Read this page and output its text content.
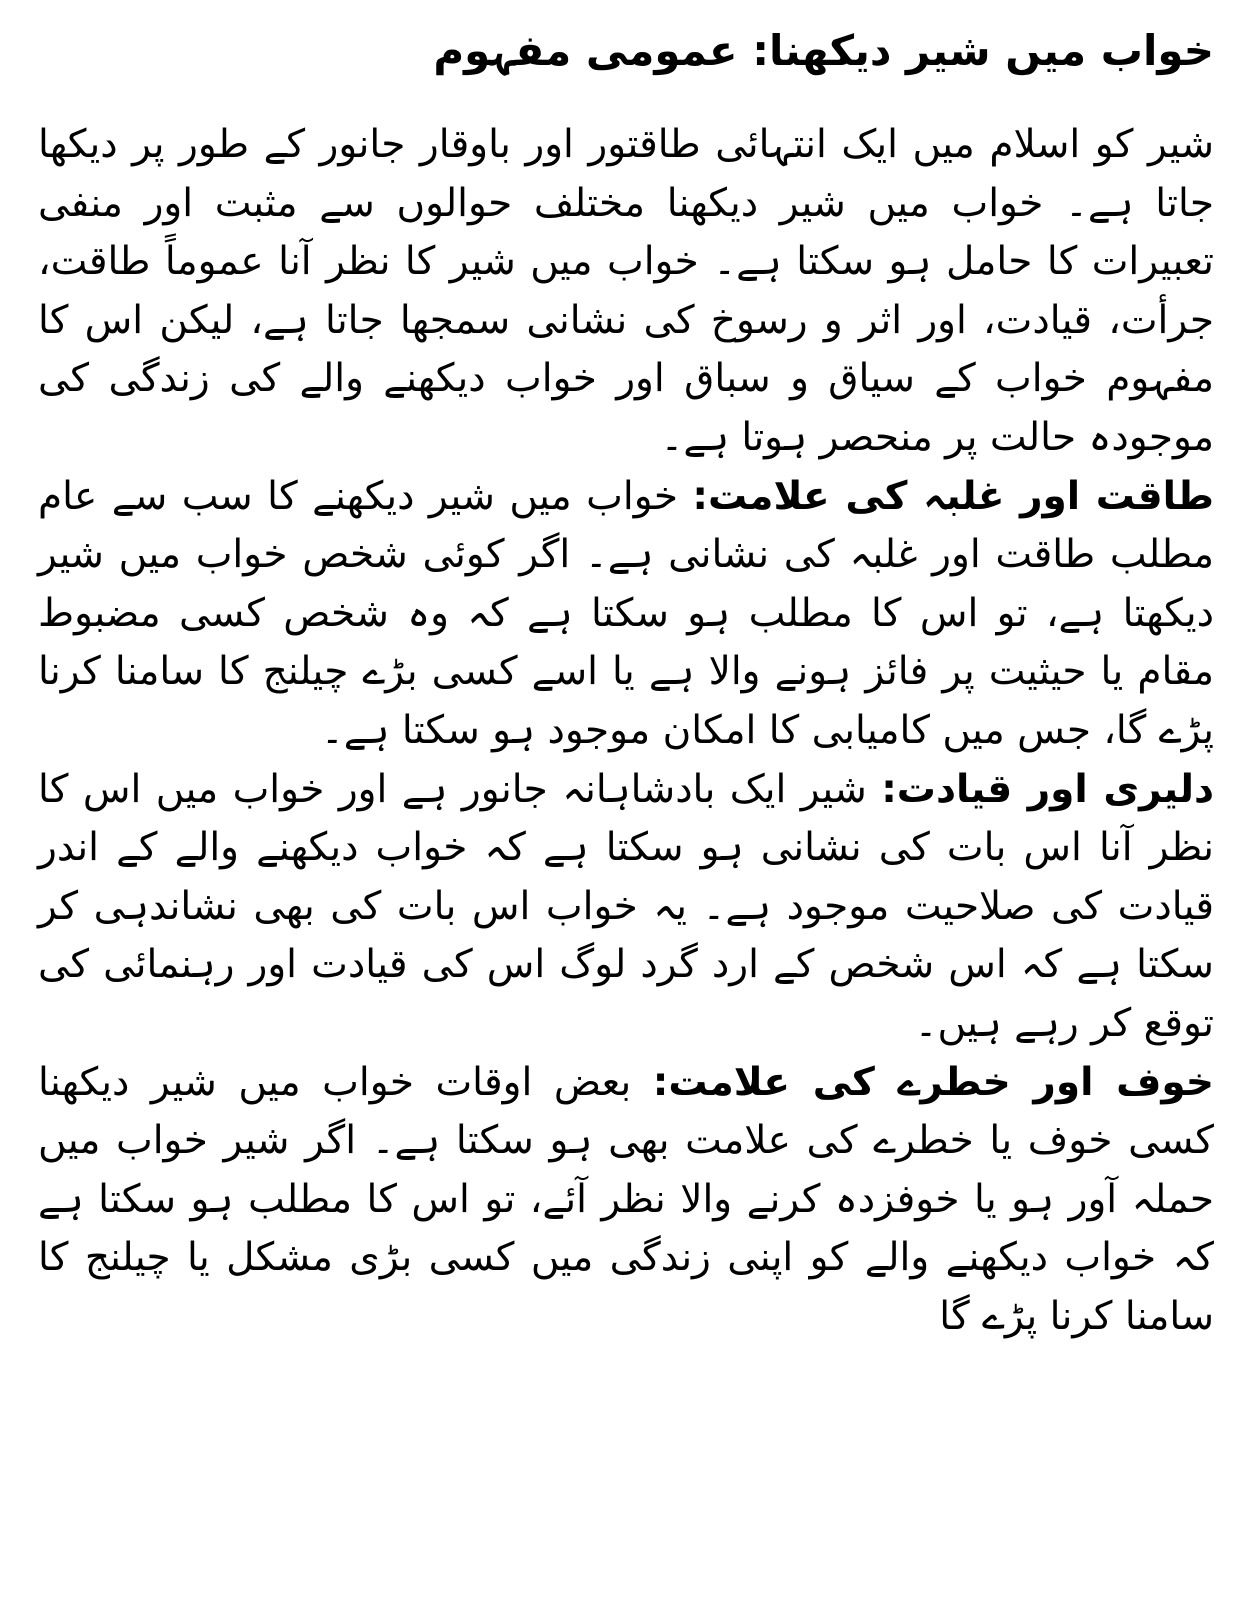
خواب میں شیر دیکھنا: عمومی مفہوم

شیر کو اسلام میں ایک انتہائی طاقتور اور باوقار جانور کے طور پر دیکھا جاتا ہے۔ خواب میں شیر دیکھنا مختلف حوالوں سے مثبت اور منفی تعبیرات کا حامل ہو سکتا ہے۔ خواب میں شیر کا نظر آنا عموماً طاقت، جرأت، قیادت، اور اثر و رسوخ کی نشانی سمجھا جاتا ہے، لیکن اس کا مفہوم خواب کے سیاق و سباق اور خواب دیکھنے والے کی زندگی کی موجودہ حالت پر منحصر ہوتا ہے۔

طاقت اور غلبہ کی علامت: خواب میں شیر دیکھنے کا سب سے عام مطلب طاقت اور غلبہ کی نشانی ہے۔ اگر کوئی شخص خواب میں شیر دیکھتا ہے، تو اس کا مطلب ہو سکتا ہے کہ وہ شخص کسی مضبوط مقام یا حیثیت پر فائز ہونے والا ہے یا اسے کسی بڑے چیلنج کا سامنا کرنا پڑے گا، جس میں کامیابی کا امکان موجود ہو سکتا ہے۔

دلیری اور قیادت: شیر ایک بادشاہانہ جانور ہے اور خواب میں اس کا نظر آنا اس بات کی نشانی ہو سکتا ہے کہ خواب دیکھنے والے کے اندر قیادت کی صلاحیت موجود ہے۔ یہ خواب اس بات کی بھی نشاندہی کر سکتا ہے کہ اس شخص کے ارد گرد لوگ اس کی قیادت اور رہنمائی کی توقع کر رہے ہیں۔

خوف اور خطرے کی علامت: بعض اوقات خواب میں شیر دیکھنا کسی خوف یا خطرے کی علامت بھی ہو سکتا ہے۔ اگر شیر خواب میں حملہ آور ہو یا خوفزدہ کرنے والا نظر آئے، تو اس کا مطلب ہو سکتا ہے کہ خواب دیکھنے والے کو اپنی زندگی میں کسی بڑی مشکل یا چیلنج کا سامنا کرنا پڑے گا
